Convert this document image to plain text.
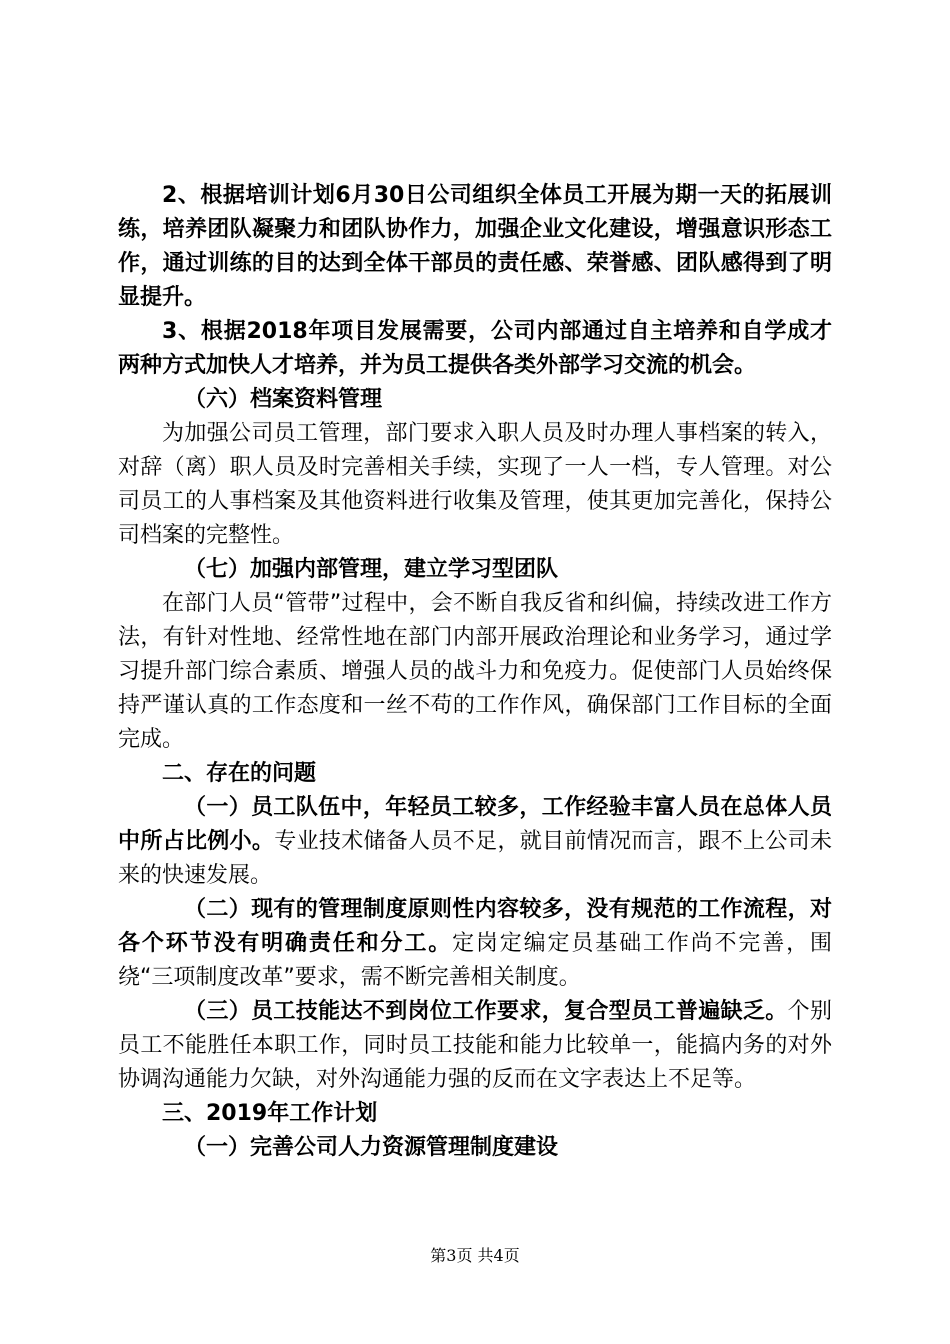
2、根据培训计划6月30日公司组织全体员工开展为期一天的拓展训练，培养团队凝聚力和团队协作力，加强企业文化建设，增强意识形态工作，通过训练的目的达到全体干部员的责任感、荣誉感、团队感得到了明显提升。

3、根据2018年项目发展需要，公司内部通过自主培养和自学成才两种方式加快人才培养，并为员工提供各类外部学习交流的机会。

（六）档案资料管理

为加强公司员工管理，部门要求入职人员及时办理人事档案的转入，对辞（离）职人员及时完善相关手续，实现了一人一档，专人管理。对公司员工的人事档案及其他资料进行收集及管理，使其更加完善化，保持公司档案的完整性。

（七）加强内部管理，建立学习型团队

在部门人员“管带”过程中，会不断自我反省和纠偏，持续改进工作方法，有针对性地、经常性地在部门内部开展政治理论和业务学习，通过学习提升部门综合素质、增强人员的战斗力和免疫力。促使部门人员始终保持严谨认真的工作态度和一丝不苟的工作作风，确保部门工作目标的全面完成。

二、存在的问题

（一）员工队伍中，年轻员工较多，工作经验丰富人员在总体人员中所占比例小。专业技术储备人员不足，就目前情况而言，跟不上公司未来的快速发展。

（二）现有的管理制度原则性内容较多，没有规范的工作流程，对各个环节没有明确责任和分工。定岗定编定员基础工作尚不完善，围绕“三项制度改革”要求，需不断完善相关制度。

（三）员工技能达不到岗位工作要求，复合型员工普遍缺乏。个别员工不能胜任本职工作，同时员工技能和能力比较单一，能搞内务的对外协调沟通能力欠缺，对外沟通能力强的反而在文字表达上不足等。

三、2019年工作计划

（一）完善公司人力资源管理制度建设

第3页 共4页
